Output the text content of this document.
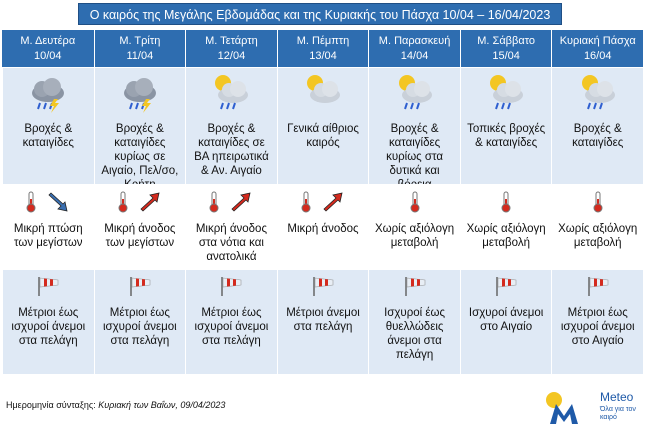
Ο καιρός της Μεγάλης Εβδομάδας και της Κυριακής του Πάσχα 10/04 – 16/04/2023
Μ. Δευτέρα
10/04
Μ. Τρίτη
11/04
Μ. Τετάρτη
12/04
Μ. Πέμπτη
13/04
Μ. Παρασκευή
14/04
Μ. Σάββατο
15/04
Κυριακή Πάσχα
16/04
Βροχές & καταιγίδες
Βροχές & καταιγίδες κυρίως σε Αιγαίο, Πελ/σο,
Βροχές & καταιγίδες σε ΒΑ ηπειρωτικά & Αν. Αιγαίο
Γενικά αίθριος καιρός
Βροχές & καταιγίδες κυρίως στα δυτικά και
Τοπικές βροχές & καταιγίδες
Βροχές & καταιγίδες
Μικρή πτώση των μεγίστων
Μικρή άνοδος των μεγίστων
Μικρή άνοδος στα νότια και ανατολικά
Μικρή άνοδος	Χωρίς αξιόλογη μεταβολή
Χωρίς αξιόλογη μεταβολή
Χωρίς αξιόλογη μεταβολή
Μέτριοι έως ισχυροί άνεμοι στα πελάγη
Μέτριοι έως ισχυροί άνεμοι στα πελάγη
Μέτριοι έως ισχυροί άνεμοι στα πελάγη
Μέτριοι άνεμοι στα πελάγη
Ισχυροί έως θυελλώδεις άνεμοι στα πελάγη
Ισχυροί άνεμοι στο Αιγαίο
Μέτριοι έως ισχυροί άνεμοι στο Αιγαίο
Ημερομηνία σύνταξης: Κυριακή των Βαΐων, 09/04/2023
Meteo
Όλα για τον καιρό
